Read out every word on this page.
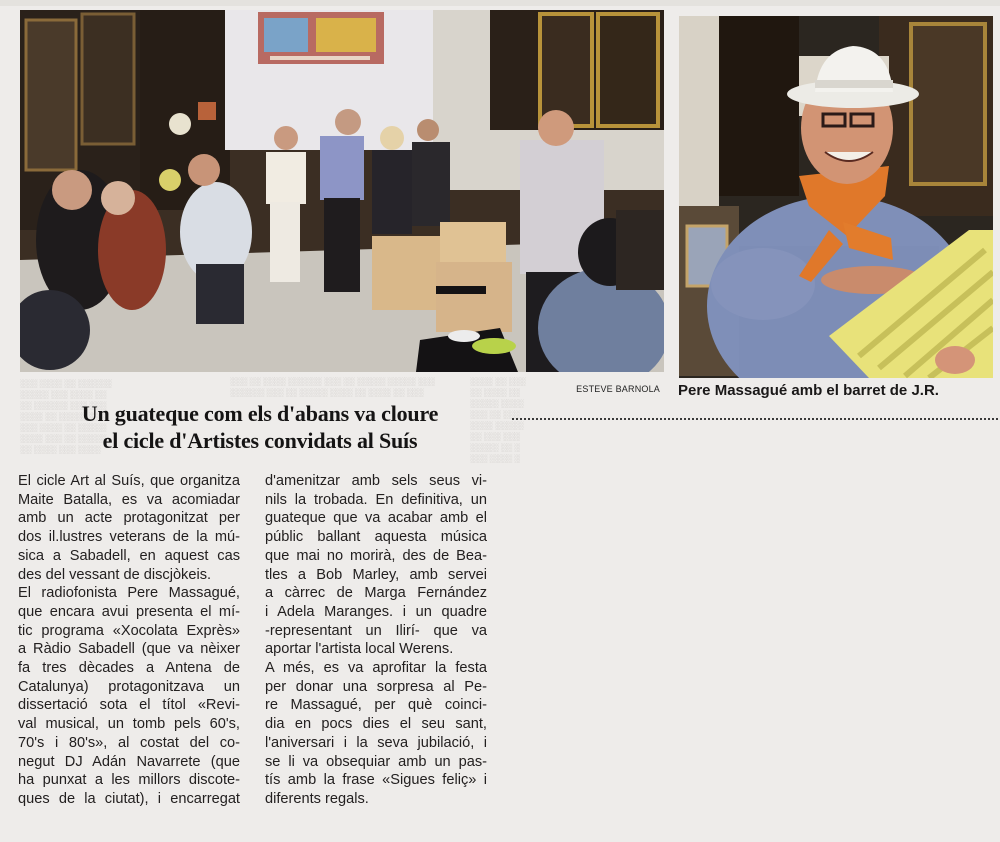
░░░ ░░░░ ░░ ░░░░░░
░░░░░ ░░░ ░░░░ ░░
░░ ░░░░░░ ░░░ ░░░
░░░░ ░░ ░░░░░ ░░░
░░░ ░░░░ ░░ ░░░░░
░░░░ ░░░ ░░ ░░░░░
░░ ░░░░ ░░░ ░░░░
░░░ ░░ ░░░░ ░░░░░░ ░░░ ░░ ░░░░░ ░░░░░ ░░░
░░░░░░ ░░░ ░░ ░░░░░ ░░░░ ░░ ░░░░ ░░ ░░░
░░░░ ░░ ░░░
░░ ░░░░ ░░
░░░░░ ░░░░
░░░ ░░ ░░░
░░░░ ░░░░░
░░ ░░░ ░░░
░░░░░ ░░ ░
░░░ ░░░░ ░
ESTEVE BARNOLA Pere Massagué amb el barret de J.R.
Un guateque com els d'abans va cloure
el cicle d'Artistes convidats al Suís
El cicle Art al Suís, que organitza
Maite Batalla, es va acomiadar
amb un acte protagonitzat per
dos il.lustres veterans de la mú-
sica a Sabadell, en aquest cas
des del vessant de discjòkeis.
El radiofonista Pere Massagué,
que encara avui presenta el mí-
tic programa «Xocolata Exprès»
a Ràdio Sabadell (que va nèixer
fa tres dècades a Antena de
Catalunya) protagonitzava un
dissertació sota el títol «Revi-
val musical, un tomb pels 60's,
70's i 80's», al costat del co-
negut DJ Adán Navarrete (que
ha punxat a les millors discote-
ques de la ciutat), i encarregat
d'amenitzar amb sels seus vi-
nils la trobada. En definitiva, un
guateque que va acabar amb el
públic ballant aquesta música
que mai no morirà, des de Bea-
tles a Bob Marley, amb servei
a càrrec de Marga Fernández
i Adela Maranges. i un quadre
-representant un Ilirí- que va
aportar l'artista local Werens.
A més, es va aprofitar la festa
per donar una sorpresa al Pe-
re Massagué, per què coinci-
dia en pocs dies el seu sant,
l'aniversari i la seva jubilació, i
se li va obsequiar amb un pas-
tís amb la frase «Sigues feliç» i
diferents regals.
